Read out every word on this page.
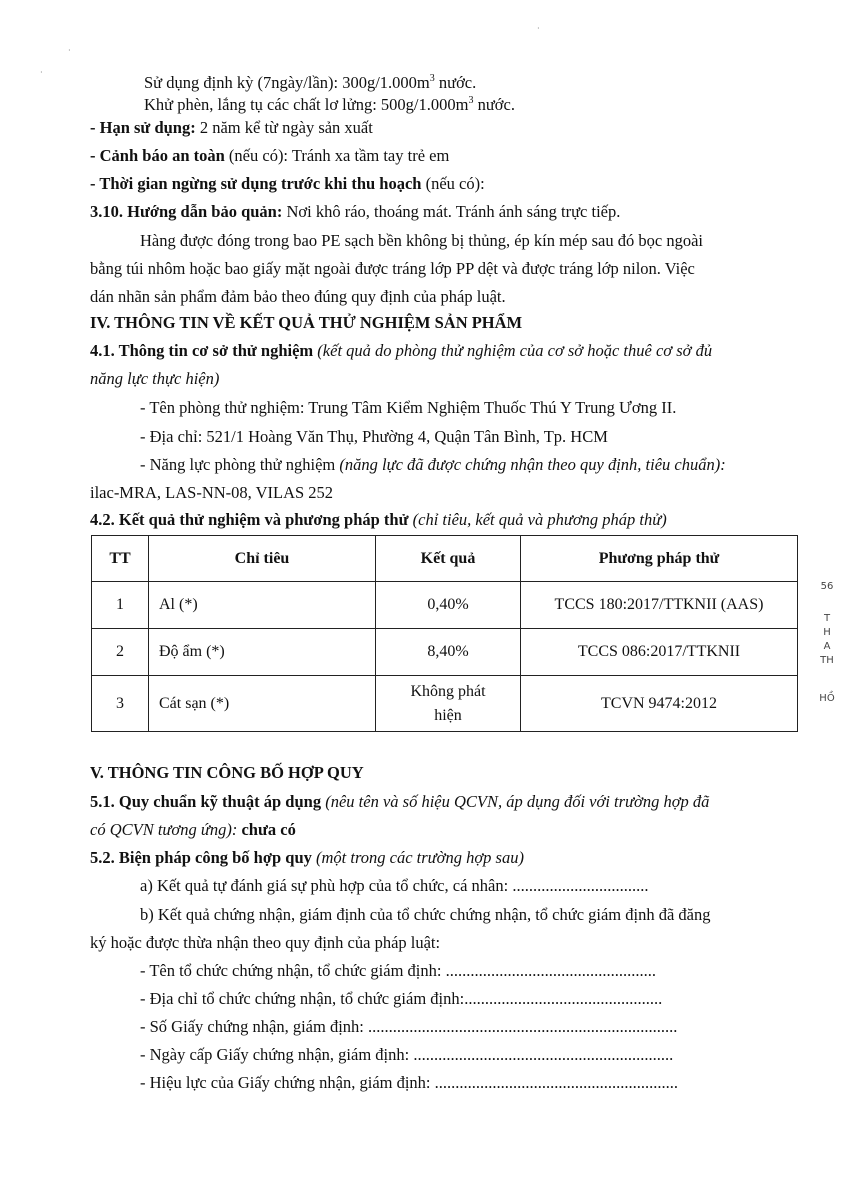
·
·
·
Sử dụng định kỳ (7ngày/lần): $300g/1.000m^3$ nước.
Khử phèn, lắng tụ các chất lơ lửng: $500g/1.000m^3$ nước.
- Hạn sử dụng: 2 năm kể từ ngày sản xuất
- Cảnh báo an toàn (nếu có): Tránh xa tầm tay trẻ em
- Thời gian ngừng sử dụng trước khi thu hoạch (nếu có):
3.10. Hướng dẫn bảo quản: Nơi khô ráo, thoáng mát. Tránh ánh sáng trực tiếp.
Hàng được đóng trong bao PE sạch bền không bị thủng, ép kín mép sau đó bọc ngoài
bằng túi nhôm hoặc bao giấy mặt ngoài được tráng lớp PP dệt và được tráng lớp nilon. Việc
dán nhãn sản phẩm đảm bảo theo đúng quy định của pháp luật.
IV. THÔNG TIN VỀ KẾT QUẢ THỬ NGHIỆM SẢN PHẨM
4.1. Thông tin cơ sở thử nghiệm (kết quả do phòng thử nghiệm của cơ sở hoặc thuê cơ sở đủ
năng lực thực hiện)
- Tên phòng thử nghiệm: Trung Tâm Kiểm Nghiệm Thuốc Thú Y Trung Ương II.
- Địa chỉ: 521/1 Hoàng Văn Thụ, Phường 4, Quận Tân Bình, Tp. HCM
- Năng lực phòng thử nghiệm (năng lực đã được chứng nhận theo quy định, tiêu chuẩn):
ilac-MRA, LAS-NN-08, VILAS 252
4.2. Kết quả thử nghiệm và phương pháp thử (chỉ tiêu, kết quả và phương pháp thử)
TT	Chỉ tiêu	Kết quả	Phương pháp thử
1	Al (*)	0,40%	TCCS 180:2017/TTKNII (AAS)
2	Độ ẩm (*)	8,40%	TCCS 086:2017/TTKNII
3	Cát sạn (*)	Không phát
hiện	TCVN 9474:2012
56
T
H
A
TH
HỒ
V. THÔNG TIN CÔNG BỐ HỢP QUY
5.1. Quy chuẩn kỹ thuật áp dụng (nêu tên và số hiệu QCVN, áp dụng đối với trường hợp đã
có QCVN tương ứng): chưa có
5.2. Biện pháp công bố hợp quy (một trong các trường hợp sau)
a) Kết quả tự đánh giá sự phù hợp của tổ chức, cá nhân: .................................
b) Kết quả chứng nhận, giám định của tổ chức chứng nhận, tổ chức giám định đã đăng
ký hoặc được thừa nhận theo quy định của pháp luật:
- Tên tổ chức chứng nhận, tổ chức giám định: ...................................................
- Địa chỉ tổ chức chứng nhận, tổ chức giám định:................................................
- Số Giấy chứng nhận, giám định: ...........................................................................
- Ngày cấp Giấy chứng nhận, giám định: ...............................................................
- Hiệu lực của Giấy chứng nhận, giám định: ...........................................................
